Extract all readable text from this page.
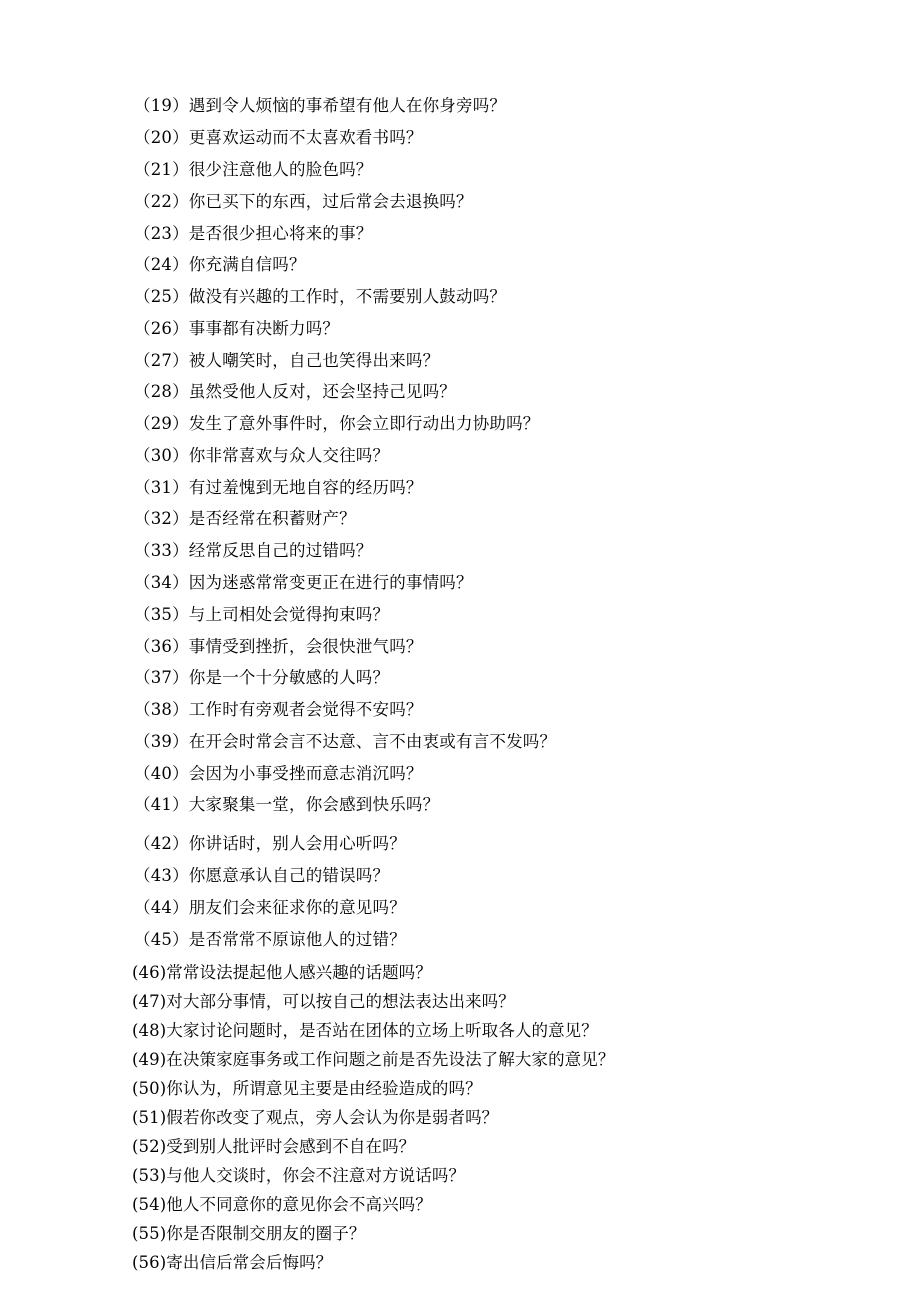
（19）遇到令人烦恼的事希望有他人在你身旁吗？
（20）更喜欢运动而不太喜欢看书吗？
（21）很少注意他人的脸色吗？
（22）你已买下的东西，过后常会去退换吗？
（23）是否很少担心将来的事？
（24）你充满自信吗？
（25）做没有兴趣的工作时，不需要别人鼓动吗？
（26）事事都有决断力吗？
（27）被人嘲笑时，自己也笑得出来吗？
（28）虽然受他人反对，还会坚持己见吗？
（29）发生了意外事件时，你会立即行动出力协助吗？
（30）你非常喜欢与众人交往吗？
（31）有过羞愧到无地自容的经历吗？
（32）是否经常在积蓄财产？
（33）经常反思自己的过错吗？
（34）因为迷惑常常变更正在进行的事情吗？
（35）与上司相处会觉得拘束吗？
（36）事情受到挫折，会很快泄气吗？
（37）你是一个十分敏感的人吗？
（38）工作时有旁观者会觉得不安吗？
（39）在开会时常会言不达意、言不由衷或有言不发吗？
（40）会因为小事受挫而意志消沉吗？
（41）大家聚集一堂，你会感到快乐吗？
（42）你讲话时，别人会用心听吗？
（43）你愿意承认自己的错误吗？
（44）朋友们会来征求你的意见吗？
（45）是否常常不原谅他人的过错？
(46)常常设法提起他人感兴趣的话题吗？
(47)对大部分事情，可以按自己的想法表达出来吗？
(48)大家讨论问题时，是否站在团体的立场上听取各人的意见？
(49)在决策家庭事务或工作问题之前是否先设法了解大家的意见？
(50)你认为，所谓意见主要是由经验造成的吗？
(51)假若你改变了观点，旁人会认为你是弱者吗？
(52)受到别人批评时会感到不自在吗？
(53)与他人交谈时，你会不注意对方说话吗？
(54)他人不同意你的意见你会不高兴吗？
(55)你是否限制交朋友的圈子？
(56)寄出信后常会后悔吗？
